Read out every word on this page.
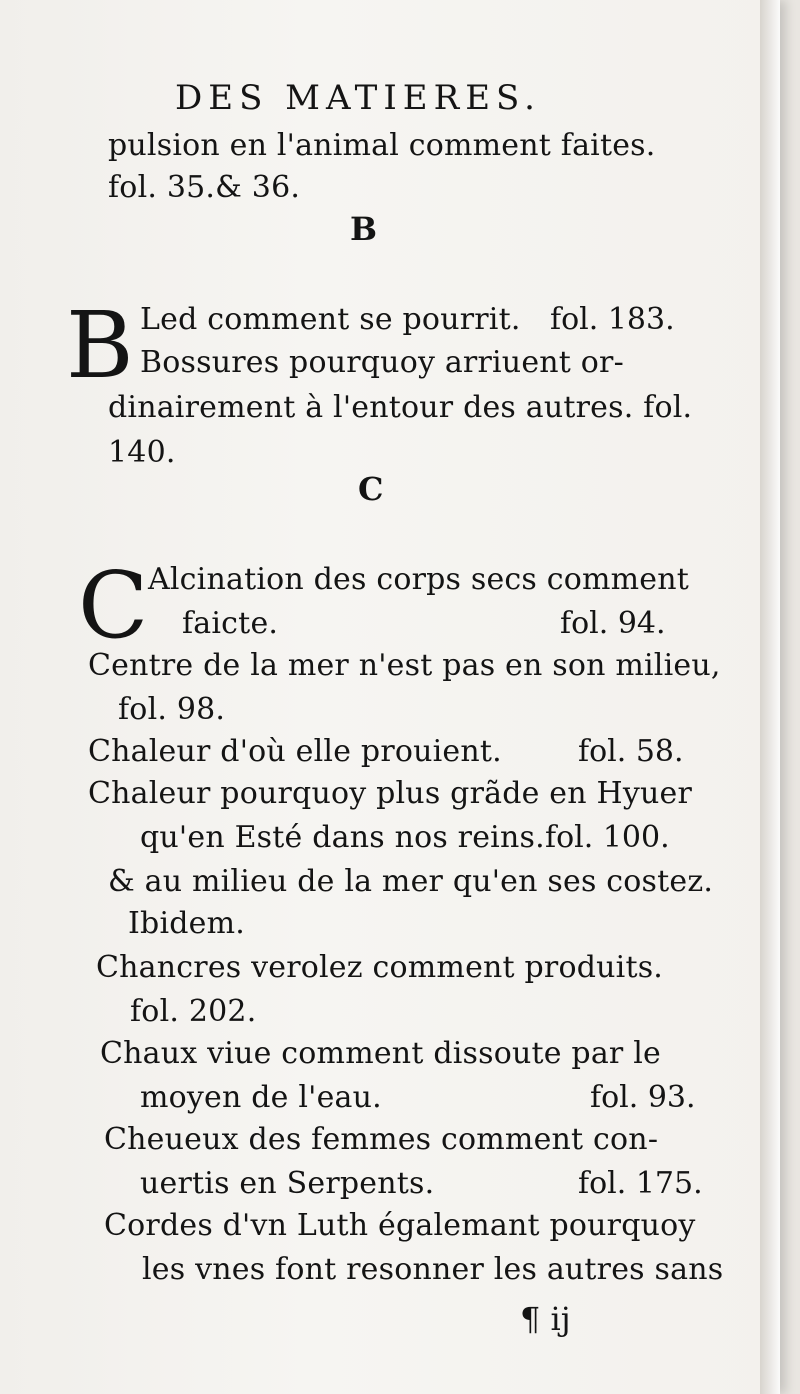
DES MATIERES.
pulsion en l'animal comment faites.
fol. 35.& 36.
B
B Led comment se pourrit. fol. 183.
Bossures pourquoy arriuent or-
dinairement à l'entour des autres. fol.
140.
C
C Alcination des corps secs comment
faicte.	fol. 94.
Centre de la mer n'est pas en son milieu,
fol. 98.
Chaleur d'où elle prouient.	fol. 58.
Chaleur pourquoy plus grãde en Hyuer
qu'en Esté dans nos reins. fol. 100.
& au milieu de la mer qu'en ses costez.
Ibidem.
Chancres verolez comment produits.
fol. 202.
Chaux viue comment dissoute par le
moyen de l'eau.	fol. 93.
Cheueux des femmes comment con-
uertis en Serpents.	fol. 175.
Cordes d'vn Luth égalemant pourquoy
les vnes font resonner les autres sans
¶ ij
